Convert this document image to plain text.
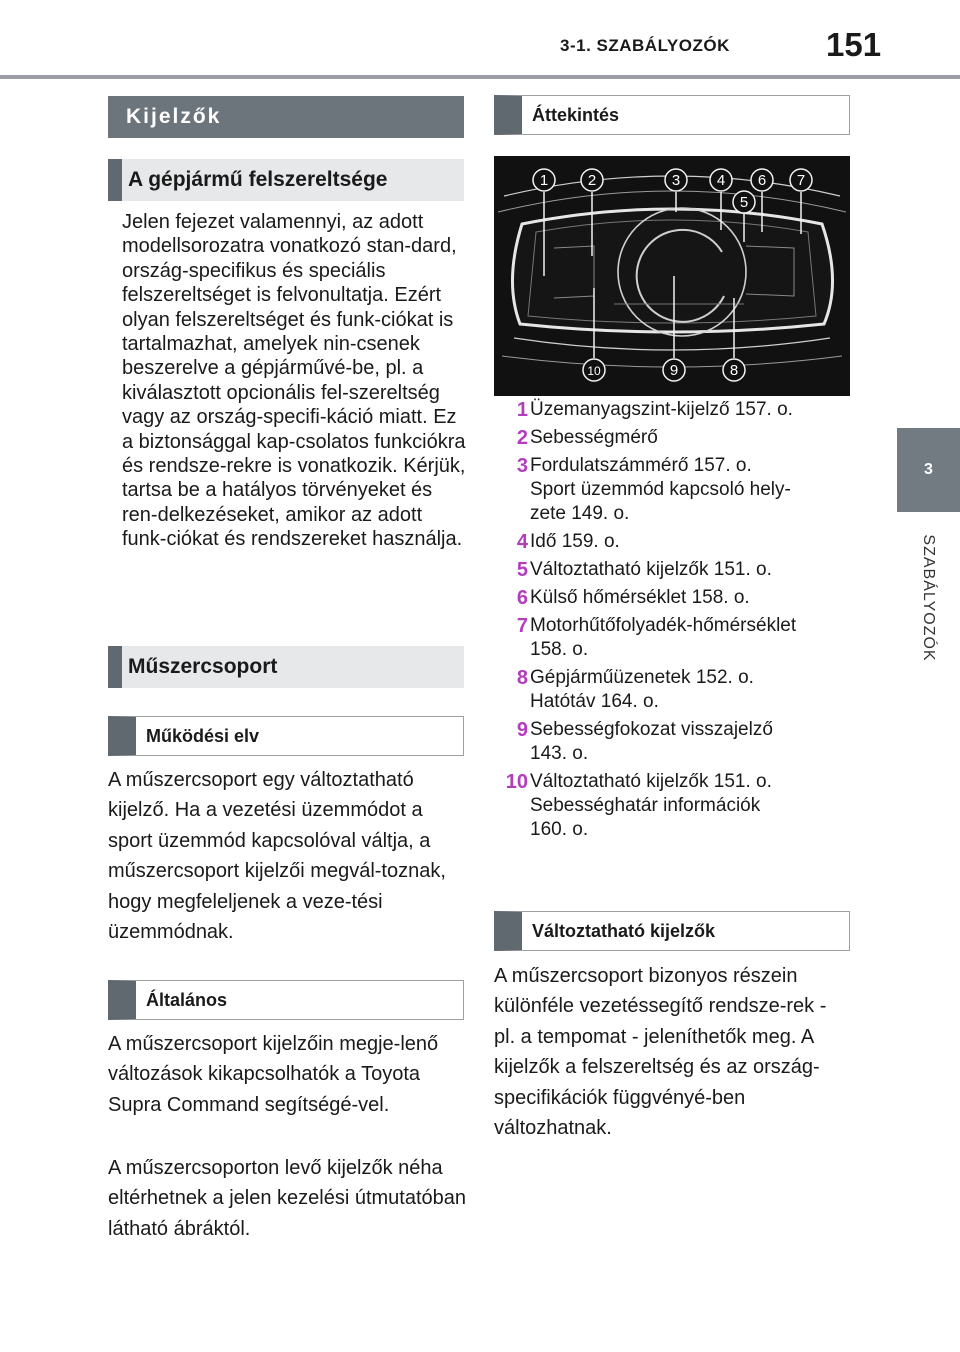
3-1. SZABÁLYOZÓK	151
3
SZABÁLYOZÓK
Kijelzők
A gépjármű felszereltsége

Jelen fejezet valamennyi, az adott modellsorozatra vonatkozó stan-dard, ország-specifikus és speciális felszereltséget is felvonultatja. Ezért olyan felszereltséget és funk-ciókat is tartalmazhat, amelyek nin-csenek beszerelve a gépjárművé-be, pl. a kiválasztott opcionális fel-szereltség vagy az ország-specifi-káció miatt. Ez a biztonsággal kap-csolatos funkciókra és rendsze-rekre is vonatkozik. Kérjük, tartsa be a hatályos törvényeket és ren-delkezéseket, amikor az adott funk-ciókat és rendszereket használja.

Műszercsoport
Működési elv

A műszercsoport egy változtatható kijelző. Ha a vezetési üzemmódot a sport üzemmód kapcsolóval váltja, a műszercsoport kijelzői megvál-toznak, hogy megfeleljenek a veze-tési üzemmódnak.

Általános

A műszercsoport kijelzőin megje-lenő változások kikapcsolhatók a Toyota Supra Command segítségé-vel.

A műszercsoporton levő kijelzők néha eltérhetnek a jelen kezelési útmutatóban látható ábráktól.

Áttekintés
1	2	3 4
5
6 7
8
9
10
1 Üzemanyagszint-kijelző 157. o.
2 Sebességmérő
3 Fordulatszámmérő 157. o.
Sport üzemmód kapcsoló hely-
zete 149. o.
4 Idő 159. o.
5 Változtatható kijelzők 151. o.
6 Külső hőmérséklet 158. o.
7 Motorhűtőfolyadék-hőmérséklet
158. o.
8 Gépjárműüzenetek 152. o.
Hatótáv 164. o.
9 Sebességfokozat visszajelző
143. o.
10 Változtatható kijelzők 151. o.
Sebességhatár információk
160. o.
Változtatható kijelzők

A műszercsoport bizonyos részein különféle vezetéssegítő rendsze-rek - pl. a tempomat - jeleníthetők meg. A kijelzők a felszereltség és az ország-specifikációk függvényé-ben változhatnak.
